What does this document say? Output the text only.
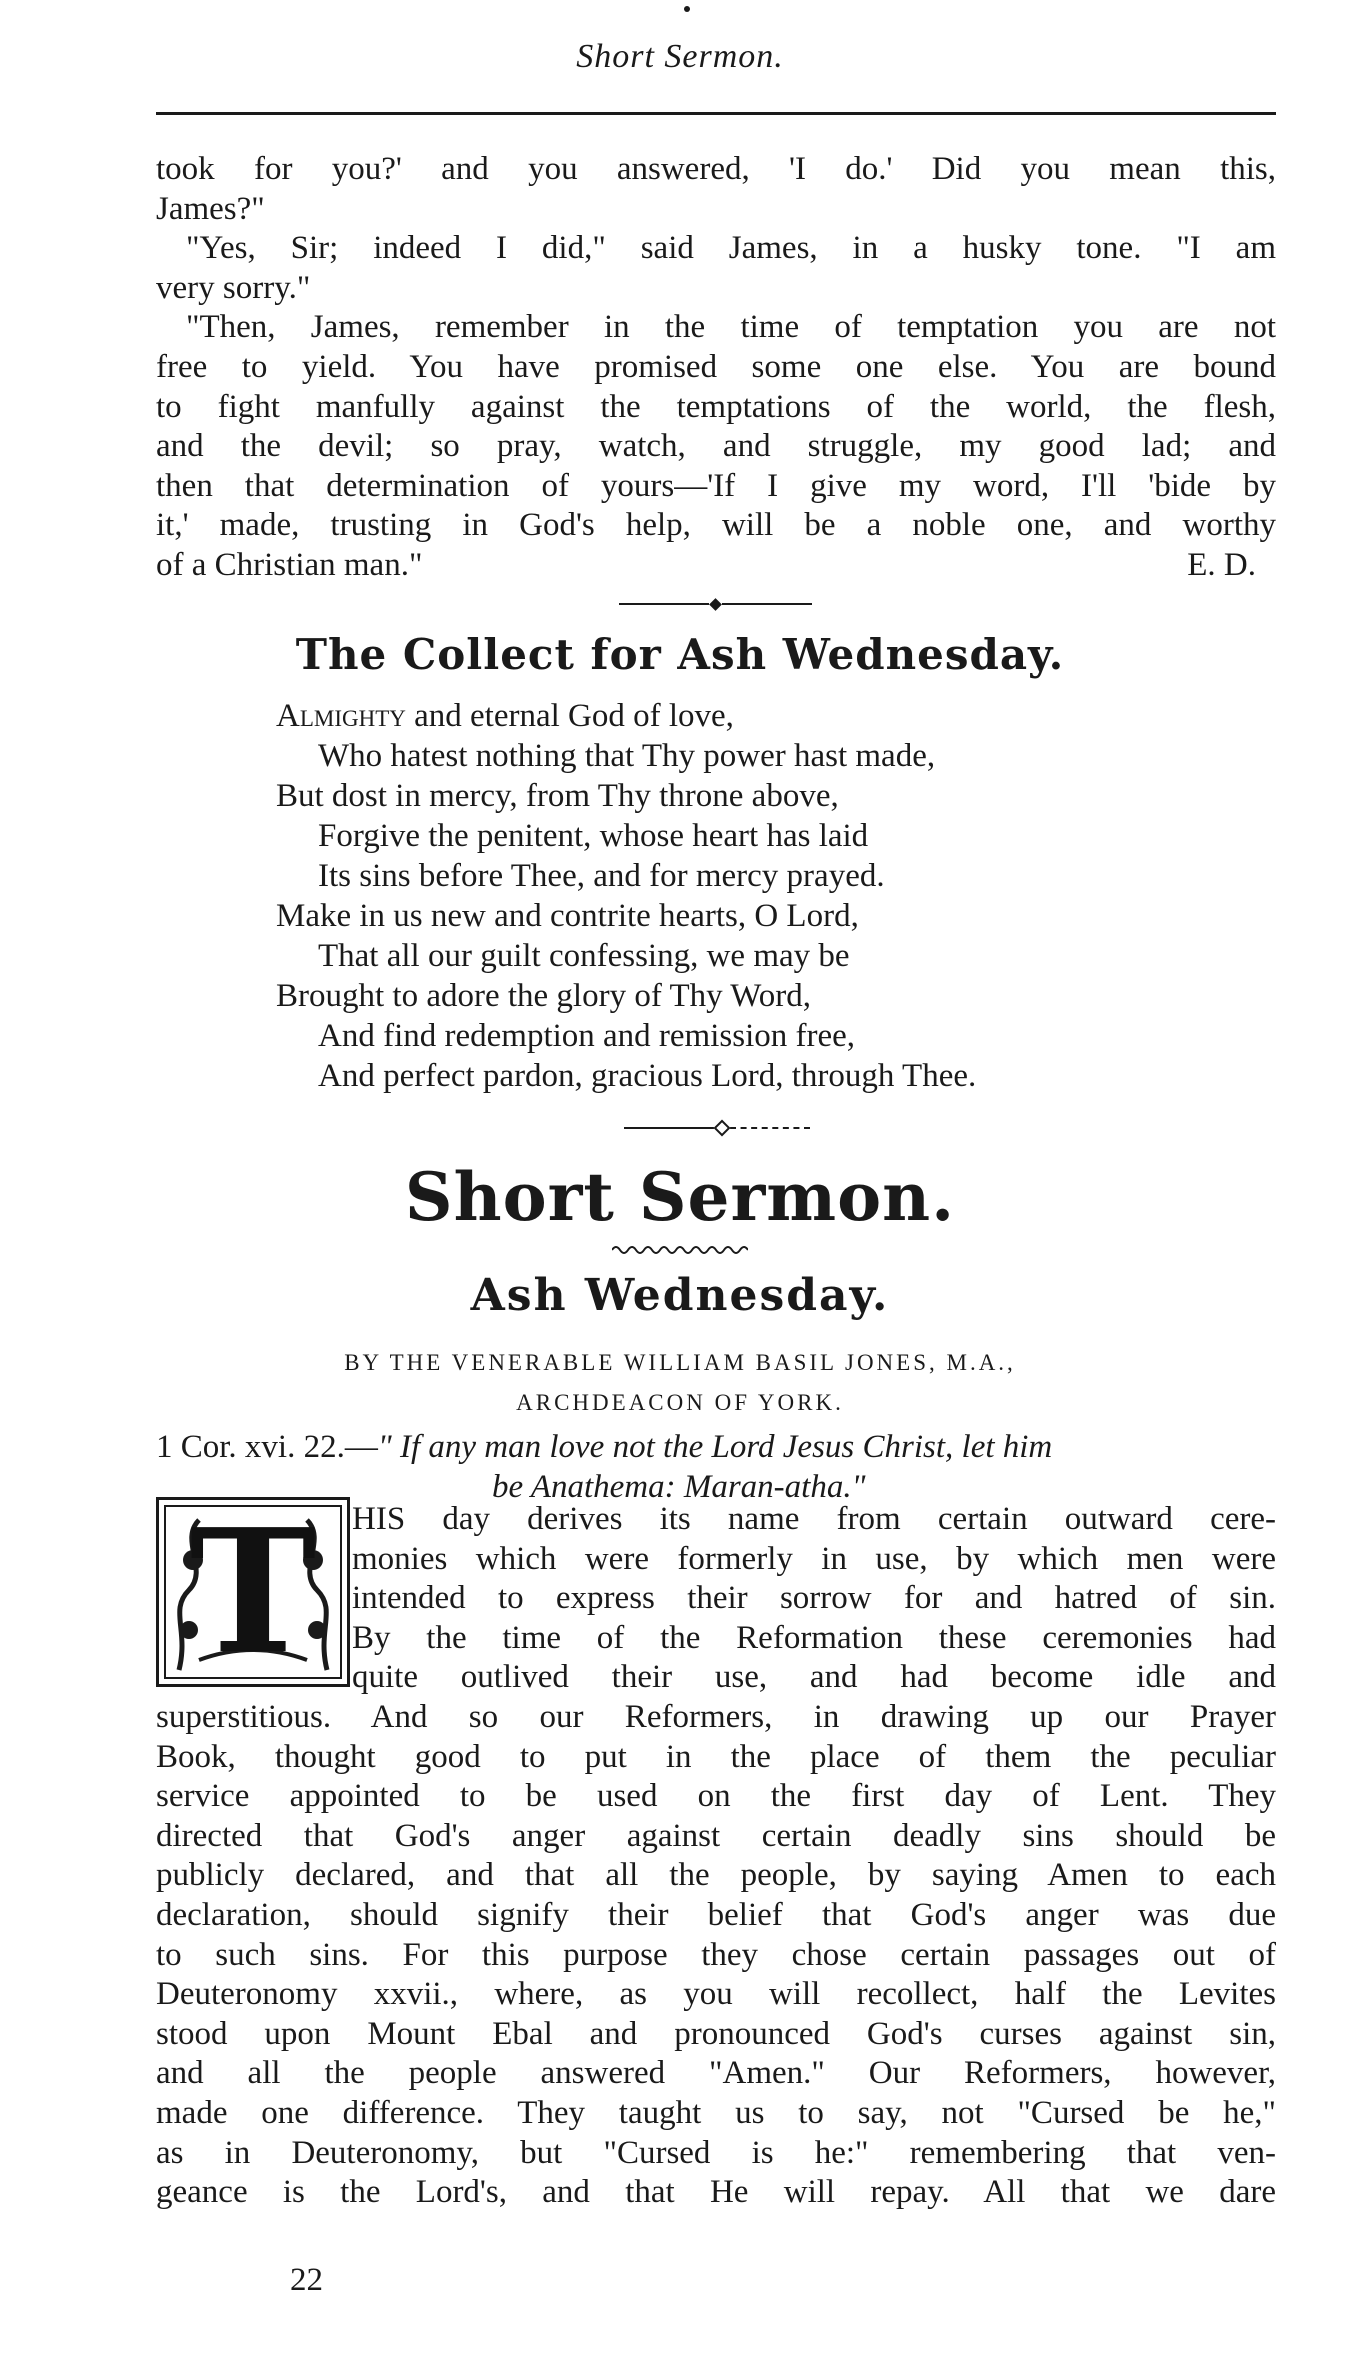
Short Sermon.
took for you?' and you answered, 'I do.' Did you mean this,
James?"
"Yes, Sir; indeed I did," said James, in a husky tone. "I am
very sorry."
"Then, James, remember in the time of temptation you are not
free to yield. You have promised some one else. You are bound
to fight manfully against the temptations of the world, the flesh,
and the devil; so pray, watch, and struggle, my good lad; and
then that determination of yours—'If I give my word, I'll 'bide by
it,' made, trusting in God's help, will be a noble one, and worthy
of a Christian man."	E. D.
The Collect for Ash Wednesday.
Almighty and eternal God of love,
Who hatest nothing that Thy power hast made,
But dost in mercy, from Thy throne above,
Forgive the penitent, whose heart has laid
Its sins before Thee, and for mercy prayed.
Make in us new and contrite hearts, O Lord,
That all our guilt confessing, we may be
Brought to adore the glory of Thy Word,
And find redemption and remission free,
And perfect pardon, gracious Lord, through Thee.
Short Sermon.
Ash Wednesday.
BY THE VENERABLE WILLIAM BASIL JONES, M.A.,
ARCHDEACON OF YORK.
1 Cor. xvi. 22.—" If any man love not the Lord Jesus Christ, let him
be Anathema: Maran-atha."
T	HIS day derives its name from certain outward cere-
monies which were formerly in use, by which men were
intended to express their sorrow for and hatred of sin.
By the time of the Reformation these ceremonies had
quite outlived their use, and had become idle and
superstitious. And so our Reformers, in drawing up our Prayer
Book, thought good to put in the place of them the peculiar
service appointed to be used on the first day of Lent. They
directed that God's anger against certain deadly sins should be
publicly declared, and that all the people, by saying Amen to each
declaration, should signify their belief that God's anger was due
to such sins. For this purpose they chose certain passages out of
Deuteronomy xxvii., where, as you will recollect, half the Levites
stood upon Mount Ebal and pronounced God's curses against sin,
and all the people answered "Amen." Our Reformers, however,
made one difference. They taught us to say, not "Cursed be he,"
as in Deuteronomy, but "Cursed is he:" remembering that ven-
geance is the Lord's, and that He will repay. All that we dare
22
